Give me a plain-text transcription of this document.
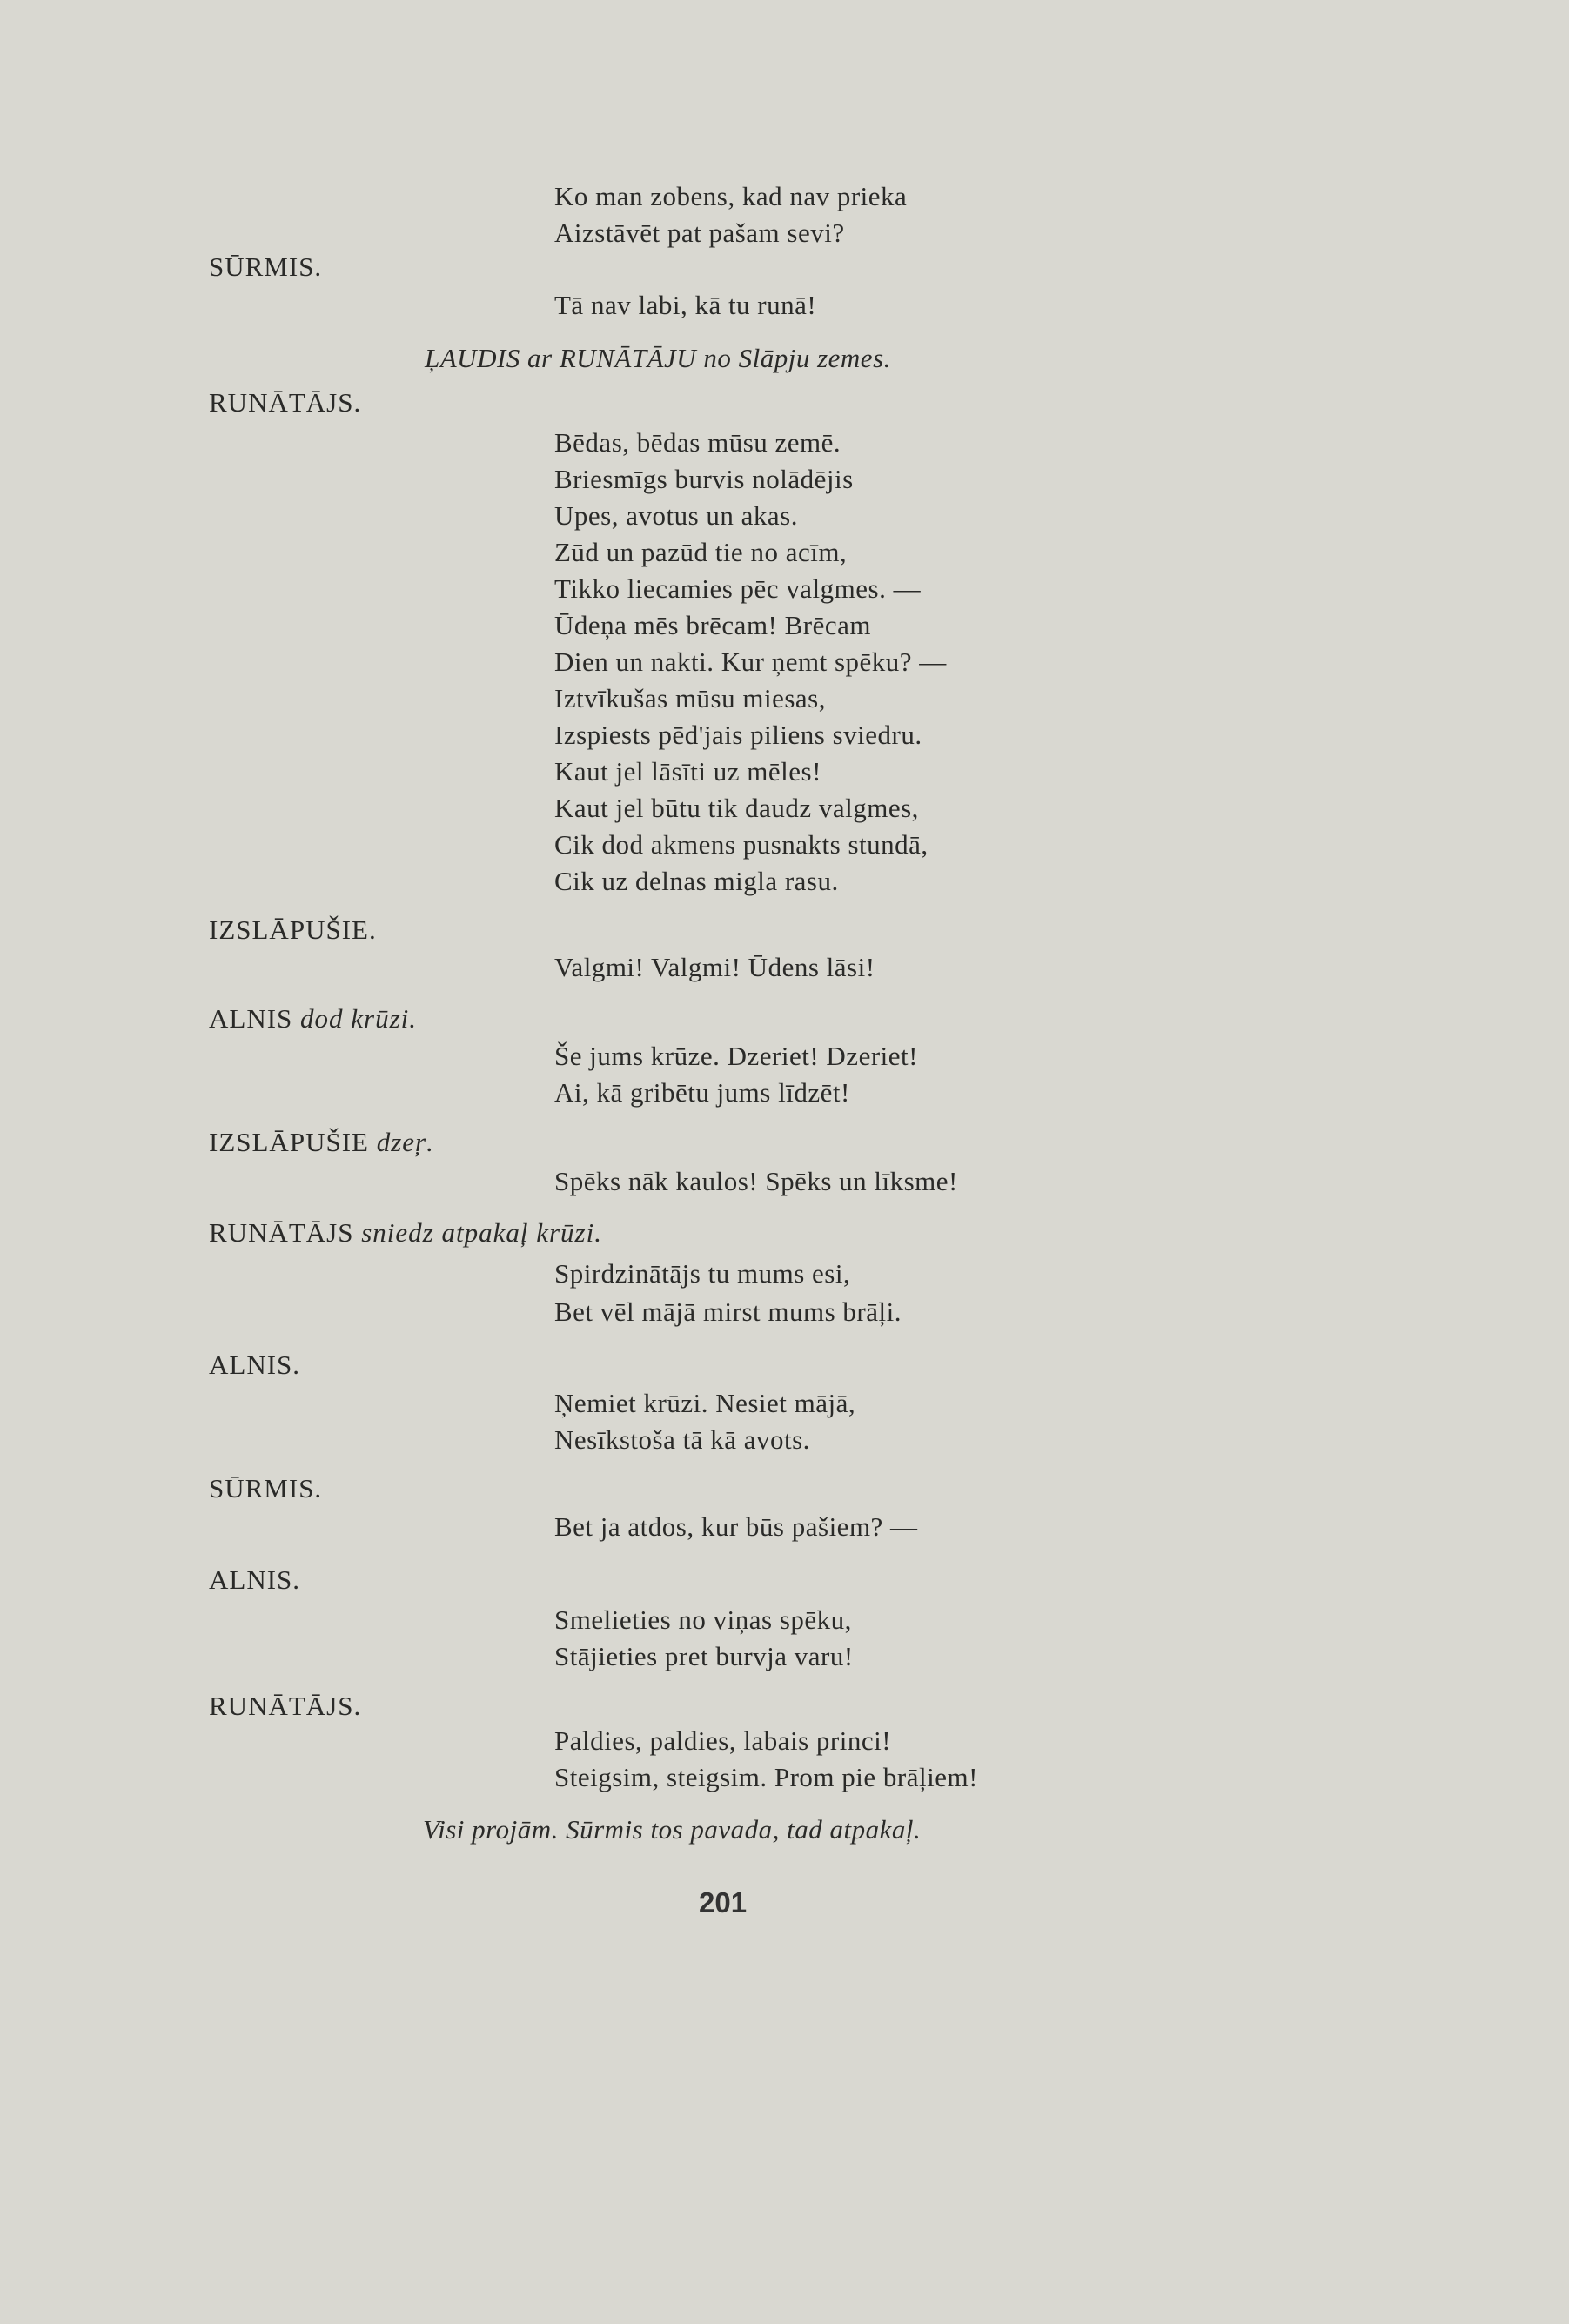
Ko man zobens, kad nav prieka
Aizstāvēt pat pašam sevi?
SŪRMIS.
Tā nav labi, kā tu runā!
ĻAUDIS ar RUNĀTĀJU no Slāpju zemes.
RUNĀTĀJS.
Bēdas, bēdas mūsu zemē.
Briesmīgs burvis nolādējis
Upes, avotus un akas.
Zūd un pazūd tie no acīm,
Tikko liecamies pēc valgmes. —
Ūdeņa mēs brēcam! Brēcam
Dien un nakti. Kur ņemt spēku? —
Iztvīkušas mūsu miesas,
Izspiests pēd'jais piliens sviedru.
Kaut jel lāsīti uz mēles!
Kaut jel būtu tik daudz valgmes,
Cik dod akmens pusnakts stundā,
Cik uz delnas migla rasu.
IZSLĀPUŠIE.
Valgmi! Valgmi! Ūdens lāsi!
ALNIS dod krūzi.
Še jums krūze. Dzeriet! Dzeriet!
Ai, kā gribētu jums līdzēt!
IZSLĀPUŠIE dzeŗ.
Spēks nāk kaulos! Spēks un līksme!
RUNĀTĀJS sniedz atpakaļ krūzi.
Spirdzinātājs tu mums esi,
Bet vēl mājā mirst mums brāļi.
ALNIS.
Ņemiet krūzi. Nesiet mājā,
Nesīkstoša tā kā avots.
SŪRMIS.
Bet ja atdos, kur būs pašiem? —
ALNIS.
Smelieties no viņas spēku,
Stājieties pret burvja varu!
RUNĀTĀJS.
Paldies, paldies, labais princi!
Steigsim, steigsim. Prom pie brāļiem!
Visi projām. Sūrmis tos pavada, tad atpakaļ.
201
